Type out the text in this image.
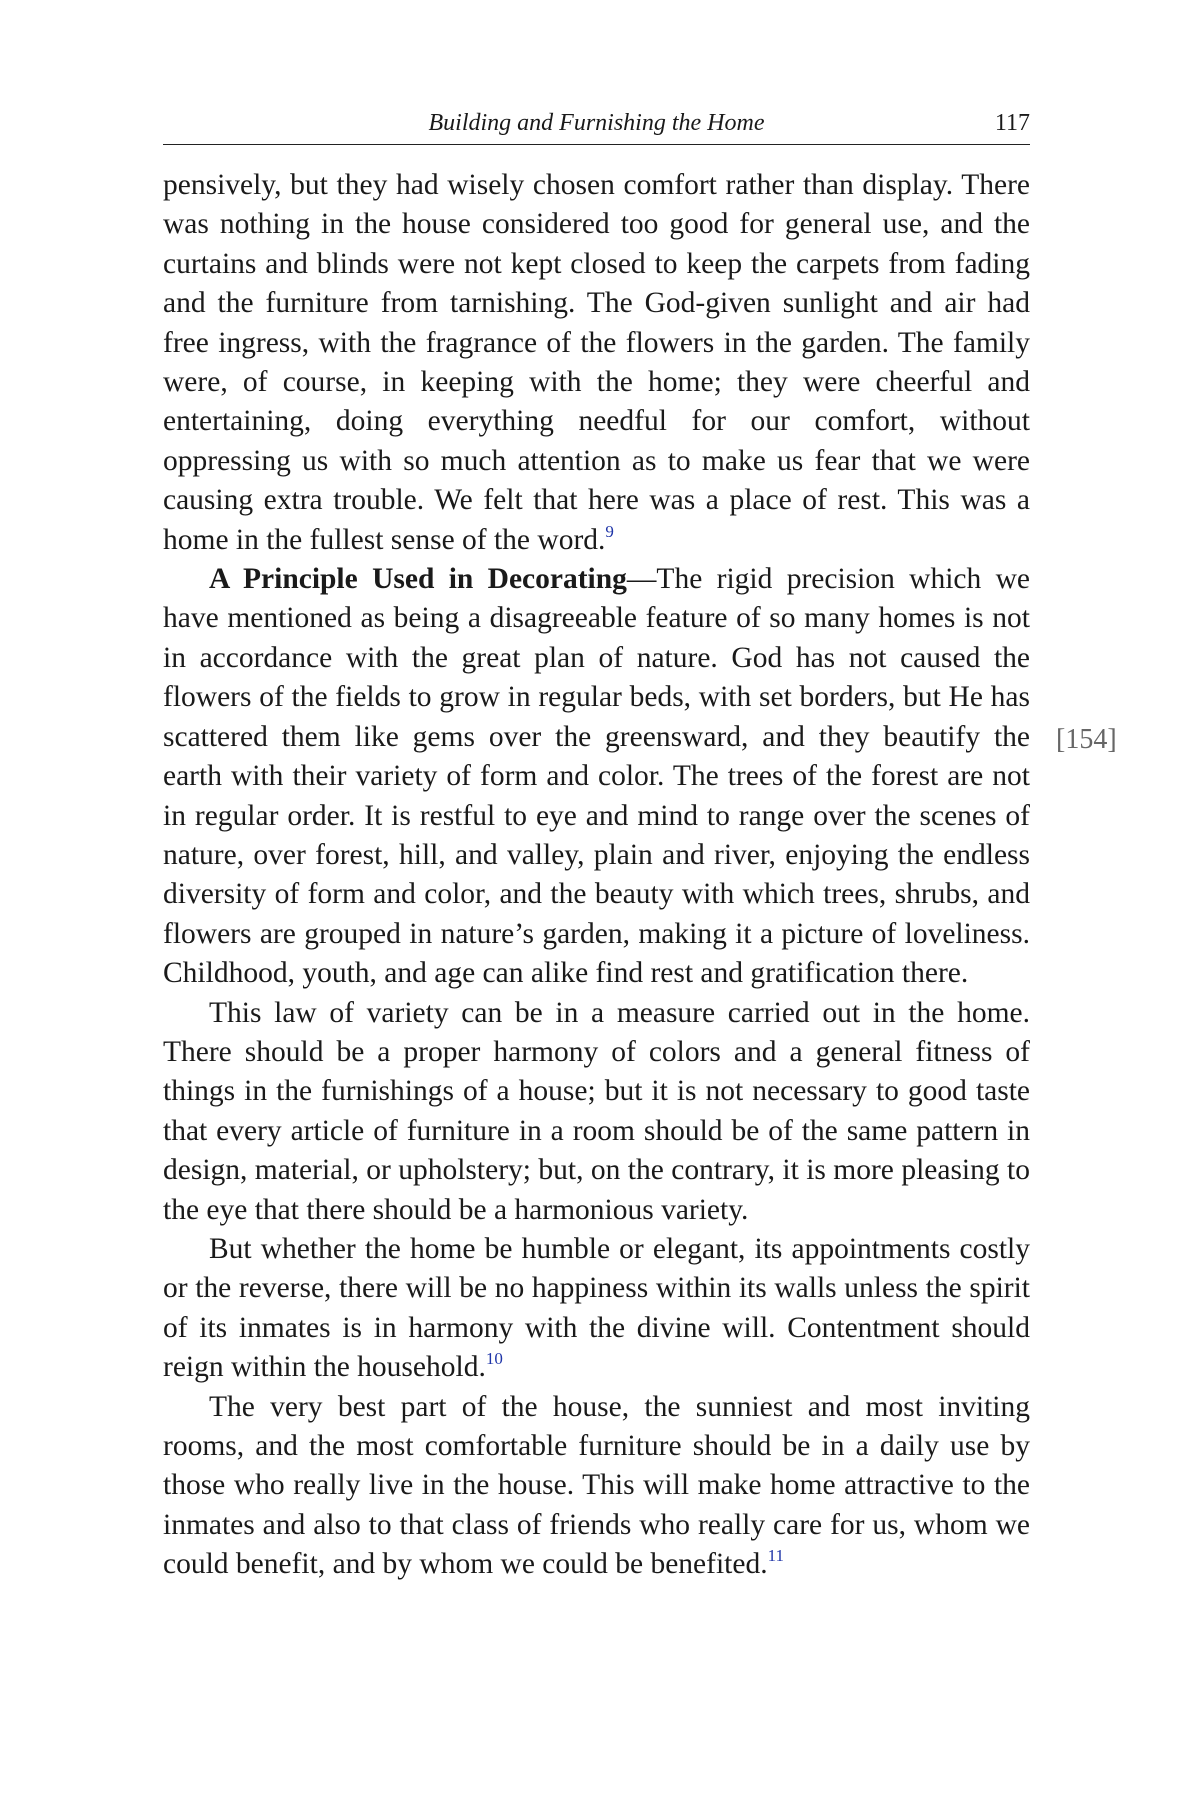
Building and Furnishing the Home	117

pensively, but they had wisely chosen comfort rather than display. There was nothing in the house considered too good for general use, and the curtains and blinds were not kept closed to keep the carpets from fading and the furniture from tarnishing. The God-given sunlight and air had free ingress, with the fragrance of the flowers in the garden. The family were, of course, in keeping with the home; they were cheerful and entertaining, doing everything needful for our comfort, without oppressing us with so much attention as to make us fear that we were causing extra trouble. We felt that here was a place of rest. This was a home in the fullest sense of the word.$^9$

A Principle Used in Decorating—The rigid precision which we have mentioned as being a disagreeable feature of so many homes is not in accordance with the great plan of nature. God has not caused the flowers of the fields to grow in regular beds, with set borders, but He has scattered them like gems over the greensward, and they beautify the earth with their variety of form and color. The trees of the forest are not in regular order. It is restful to eye and mind to range over the scenes of nature, over forest, hill, and valley, plain and river, enjoying the endless diversity of form and color, and the beauty with which trees, shrubs, and flowers are grouped in nature’s garden, making it a picture of loveliness. Childhood, youth, and age can alike find rest and gratification there.

This law of variety can be in a measure carried out in the home. There should be a proper harmony of colors and a general fitness of things in the furnishings of a house; but it is not necessary to good taste that every article of furniture in a room should be of the same pattern in design, material, or upholstery; but, on the contrary, it is more pleasing to the eye that there should be a harmonious variety.

But whether the home be humble or elegant, its appointments costly or the reverse, there will be no happiness within its walls unless the spirit of its inmates is in harmony with the divine will. Contentment should reign within the household.$^{10}$

The very best part of the house, the sunniest and most inviting rooms, and the most comfortable furniture should be in a daily use by those who really live in the house. This will make home attractive to the inmates and also to that class of friends who really care for us, whom we could benefit, and by whom we could be benefited.$^{11}$

[154]
